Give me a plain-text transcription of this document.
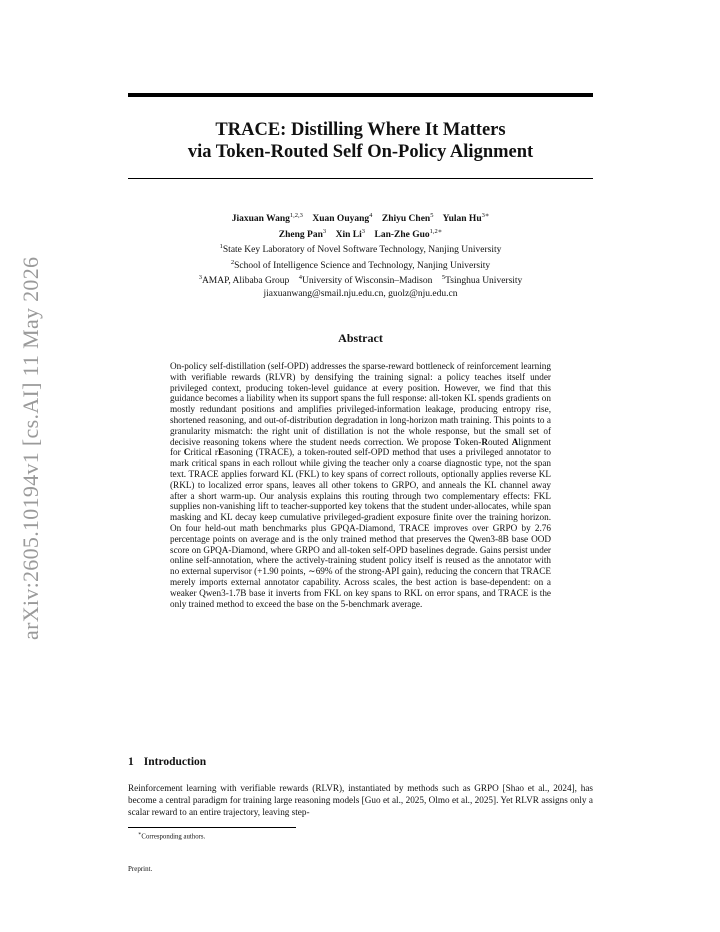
arXiv:2605.10194v1 [cs.AI] 11 May 2026
TRACE: Distilling Where It Matters
via Token-Routed Self On-Policy Alignment
Jiaxuan Wang$^{1,2,3}$ Xuan Ouyang$^4$ Zhiyu Chen$^5$ Yulan $Hu^{3∗}$
Zheng Pan$^3$ Xin Li$^3$ Lan-Zhe Guo$^{1,2∗}$
$^1$State Key Laboratory of Novel Software Technology, Nanjing University
$^2$School of Intelligence Science and Technology, Nanjing University
$^3$AMAP, Alibaba Group $^4$University of Wisconsin–Madison $^5$Tsinghua University
jiaxuanwang@smail.nju.edu.cn, guolz@nju.edu.cn
Abstract
On-policy self-distillation (self-OPD) addresses the sparse-reward bottleneck of reinforcement learning with verifiable rewards (RLVR) by densifying the training signal: a policy teaches itself under privileged context, producing token-level guidance at every position. However, we find that this guidance becomes a liability when its support spans the full response: all-token KL spends gradients on mostly redundant positions and amplifies privileged-information leakage, producing entropy rise, shortened reasoning, and out-of-distribution degradation in long-horizon math training. This points to a granularity mismatch: the right unit of distillation is not the whole response, but the small set of decisive reasoning tokens where the student needs correction. We propose Token-Routed Alignment for Critical rEasoning (TRACE), a token-routed self-OPD method that uses a privileged annotator to mark critical spans in each rollout while giving the teacher only a coarse diagnostic type, not the span text. TRACE applies forward KL (FKL) to key spans of correct rollouts, optionally applies reverse KL (RKL) to localized error spans, leaves all other tokens to GRPO, and anneals the KL channel away after a short warm-up. Our analysis explains this routing through two complementary effects: FKL supplies non-vanishing lift to teacher-supported key tokens that the student under-allocates, while span masking and KL decay keep cumulative privileged-gradient exposure finite over the training horizon. On four held-out math benchmarks plus GPQA-Diamond, TRACE improves over GRPO by 2.76 percentage points on average and is the only trained method that preserves the Qwen3-8B base OOD score on GPQA-Diamond, where GRPO and all-token self-OPD baselines degrade. Gains persist under online self-annotation, where the actively-training student policy itself is reused as the annotator with no external supervisor (+1.90 points, ∼69% of the strong-API gain), reducing the concern that TRACE merely imports external annotator capability. Across scales, the best action is base-dependent: on a weaker Qwen3-1.7B base it inverts from FKL on key spans to RKL on error spans, and TRACE is the only trained method to exceed the base on the 5-benchmark average.
1 Introduction
Reinforcement learning with verifiable rewards (RLVR), instantiated by methods such as GRPO [Shao et al., 2024], has become a central paradigm for training large reasoning models [Guo et al., 2025, Olmo et al., 2025]. Yet RLVR assigns only a scalar reward to an entire trajectory, leaving step-
∗Corresponding authors.
Preprint.
